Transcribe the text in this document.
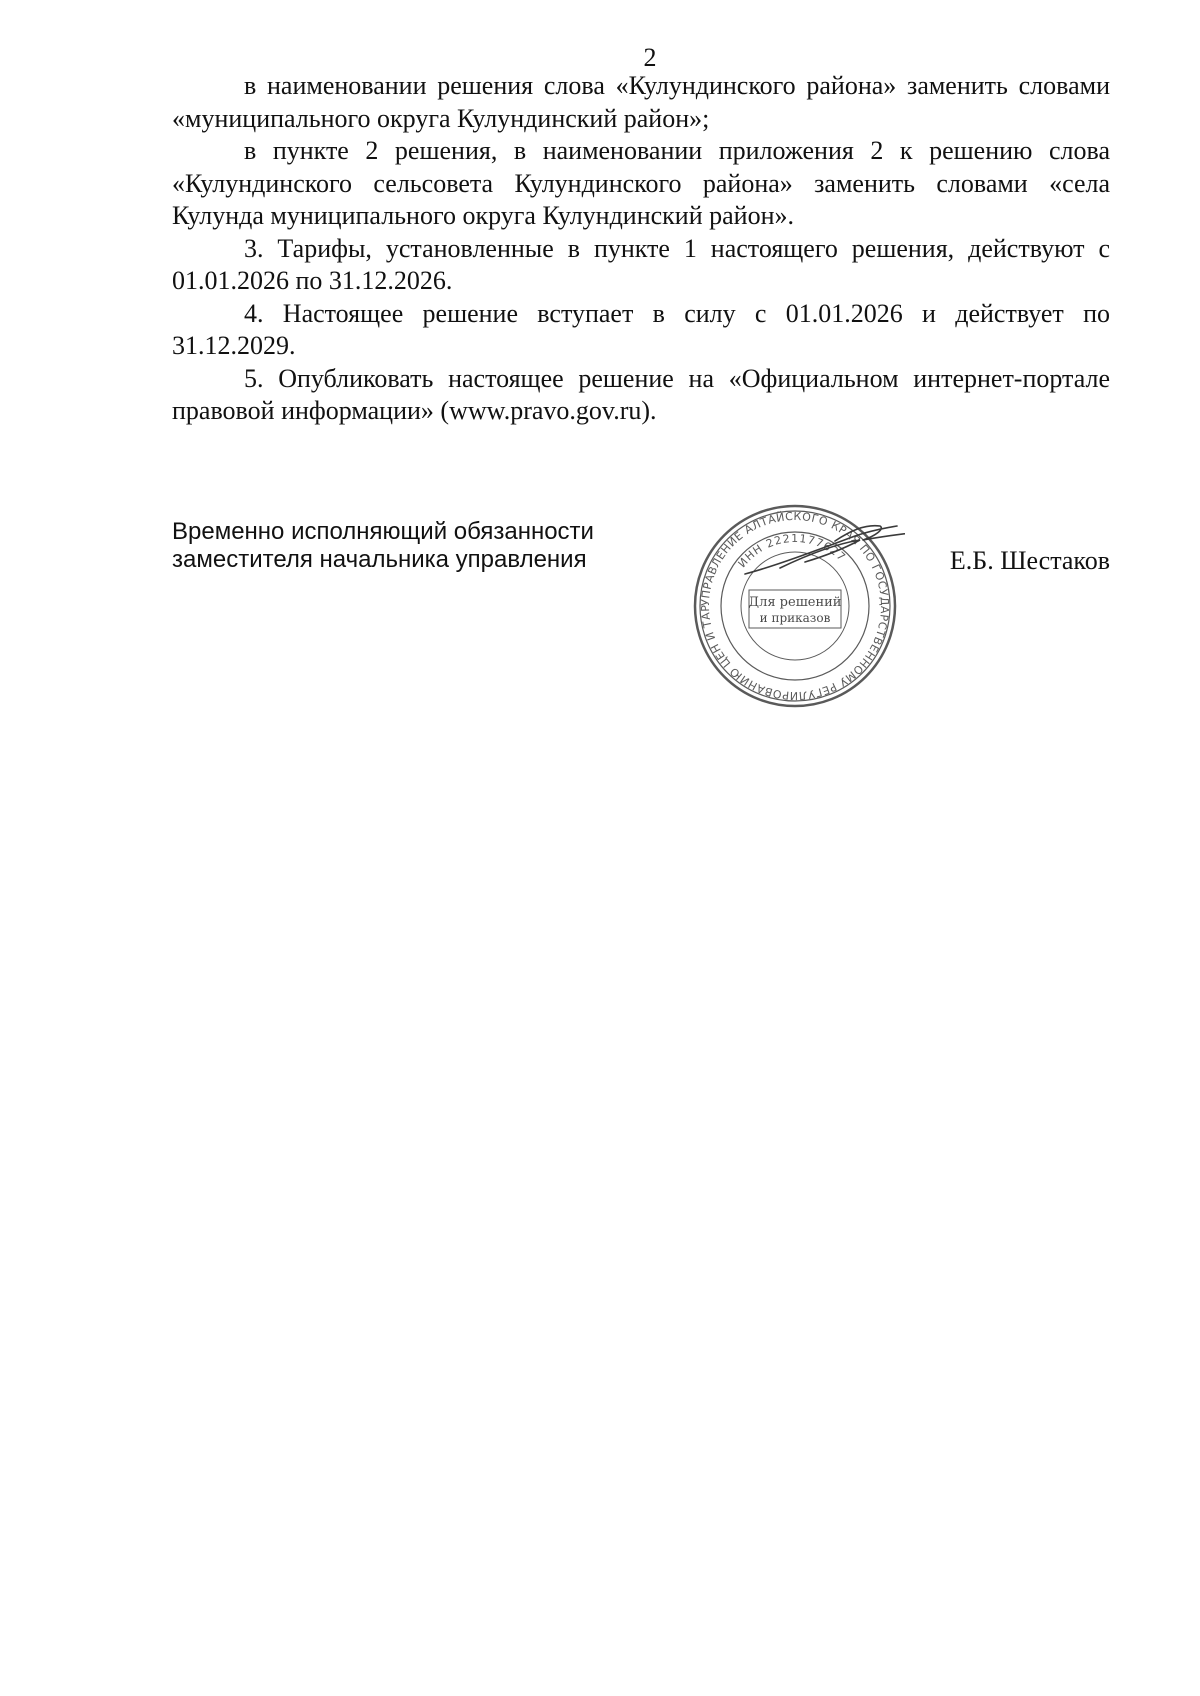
2

в наименовании решения слова «Кулундинского района» заменить словами «муниципального округа Кулундинский район»;

в пункте 2 решения, в наименовании приложения 2 к решению слова «Кулундинского сельсовета Кулундинского района» заменить словами «села Кулунда муниципального округа Кулундинский район».

3. Тарифы, установленные в пункте 1 настоящего решения, действуют с 01.01.2026 по 31.12.2026.

4. Настоящее решение вступает в силу с 01.01.2026 и действует по 31.12.2029.

5. Опубликовать настоящее решение на «Официальном интернет-портале правовой информации» (www.pravo.gov.ru).

Временно исполняющий обязанности
заместителя начальника управления
УПРАВЛЕНИЕ АЛТАЙСКОГО КРАЯ ПО ГОСУДАРСТВЕННОМУ РЕГУЛИРОВАНИЮ ЦЕН И ТАР
ИНН 2221177627
Для решений
и приказов
Е.Б. Шестаков
